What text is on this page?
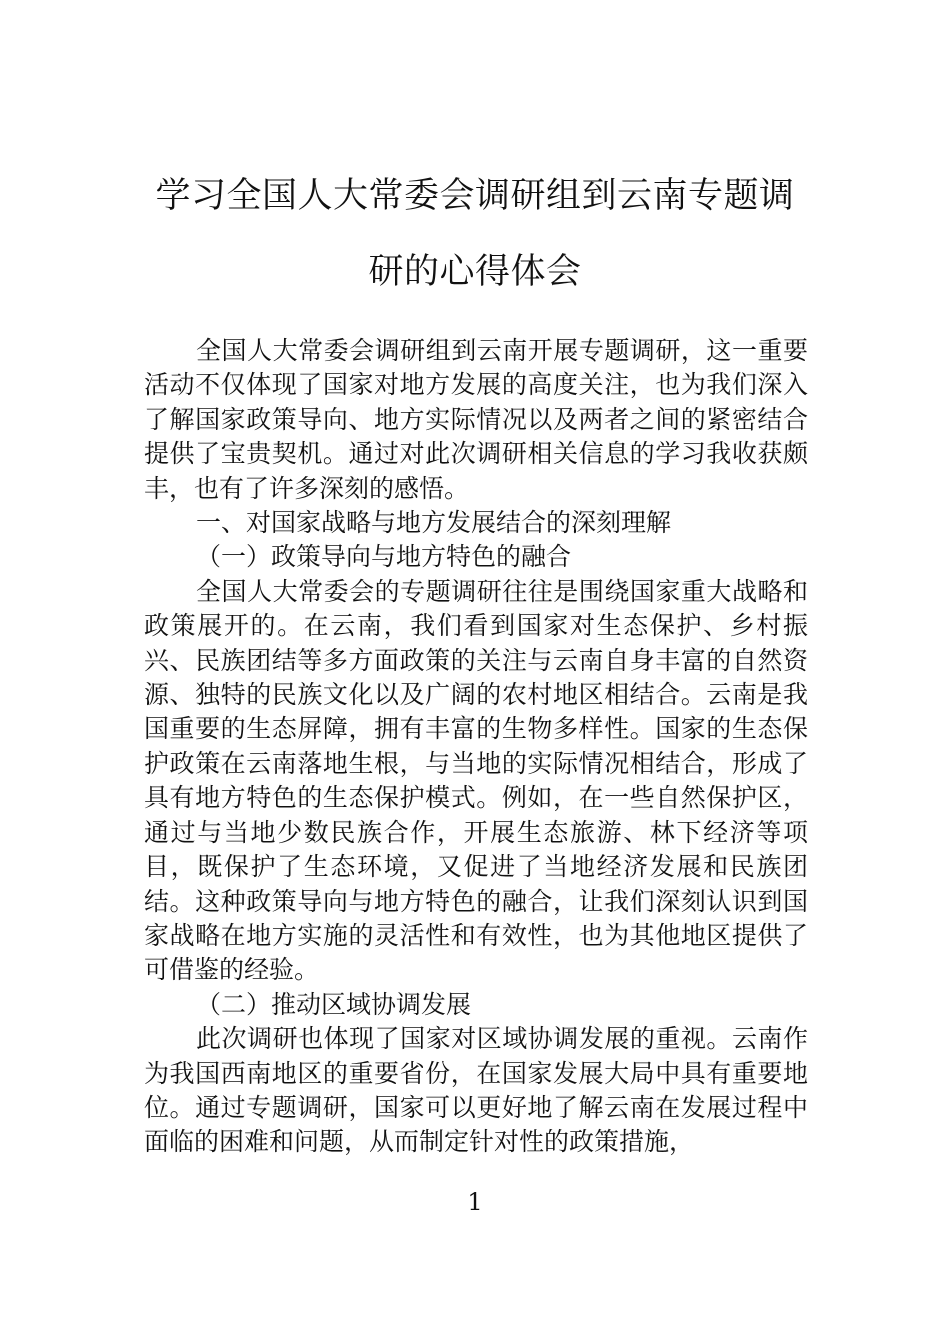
学习全国人大常委会调研组到云南专题调研的心得体会

全国人大常委会调研组到云南开展专题调研，这一重要活动不仅体现了国家对地方发展的高度关注，也为我们深入了解国家政策导向、地方实际情况以及两者之间的紧密结合提供了宝贵契机。通过对此次调研相关信息的学习我收获颇丰，也有了许多深刻的感悟。

一、对国家战略与地方发展结合的深刻理解

（一）政策导向与地方特色的融合

全国人大常委会的专题调研往往是围绕国家重大战略和政策展开的。在云南，我们看到国家对生态保护、乡村振兴、民族团结等多方面政策的关注与云南自身丰富的自然资源、独特的民族文化以及广阔的农村地区相结合。云南是我国重要的生态屏障，拥有丰富的生物多样性。国家的生态保护政策在云南落地生根，与当地的实际情况相结合，形成了具有地方特色的生态保护模式。例如，在一些自然保护区，通过与当地少数民族合作，开展生态旅游、林下经济等项目，既保护了生态环境，又促进了当地经济发展和民族团结。这种政策导向与地方特色的融合，让我们深刻认识到国家战略在地方实施的灵活性和有效性，也为其他地区提供了可借鉴的经验。

（二）推动区域协调发展

此次调研也体现了国家对区域协调发展的重视。云南作为我国西南地区的重要省份，在国家发展大局中具有重要地位。通过专题调研，国家可以更好地了解云南在发展过程中面临的困难和问题，从而制定针对性的政策措施，

1
